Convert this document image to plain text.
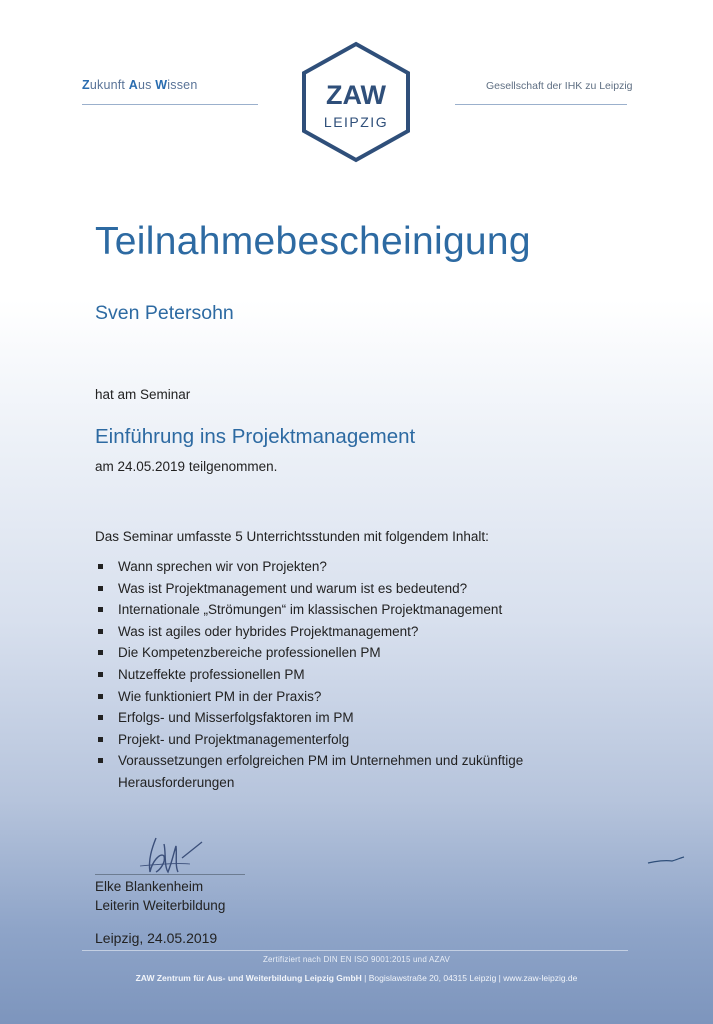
Zukunft Aus Wissen	ZAW
LEIPZIG
Gesellschaft der IHK zu Leipzig
Teilnahmebescheinigung
Sven Petersohn
hat am Seminar
Einführung ins Projektmanagement
am 24.05.2019 teilgenommen.
Das Seminar umfasste 5 Unterrichtsstunden mit folgendem Inhalt:
Wann sprechen wir von Projekten?
Was ist Projektmanagement und warum ist es bedeutend?
Internationale „Strömungen“ im klassischen Projektmanagement
Was ist agiles oder hybrides Projektmanagement?
Die Kompetenzbereiche professionellen PM
Nutzeffekte professionellen PM
Wie funktioniert PM in der Praxis?
Erfolgs- und Misserfolgsfaktoren im PM
Projekt- und Projektmanagementerfolg
Voraussetzungen erfolgreichen PM im Unternehmen und zukünftige Herausforderungen
Elke Blankenheim
Leiterin Weiterbildung
Leipzig, 24.05.2019
Zertifiziert nach DIN EN ISO 9001:2015 und AZAV
ZAW Zentrum für Aus- und Weiterbildung Leipzig GmbH | Bogislawstraße 20, 04315 Leipzig | www.zaw-leipzig.de
